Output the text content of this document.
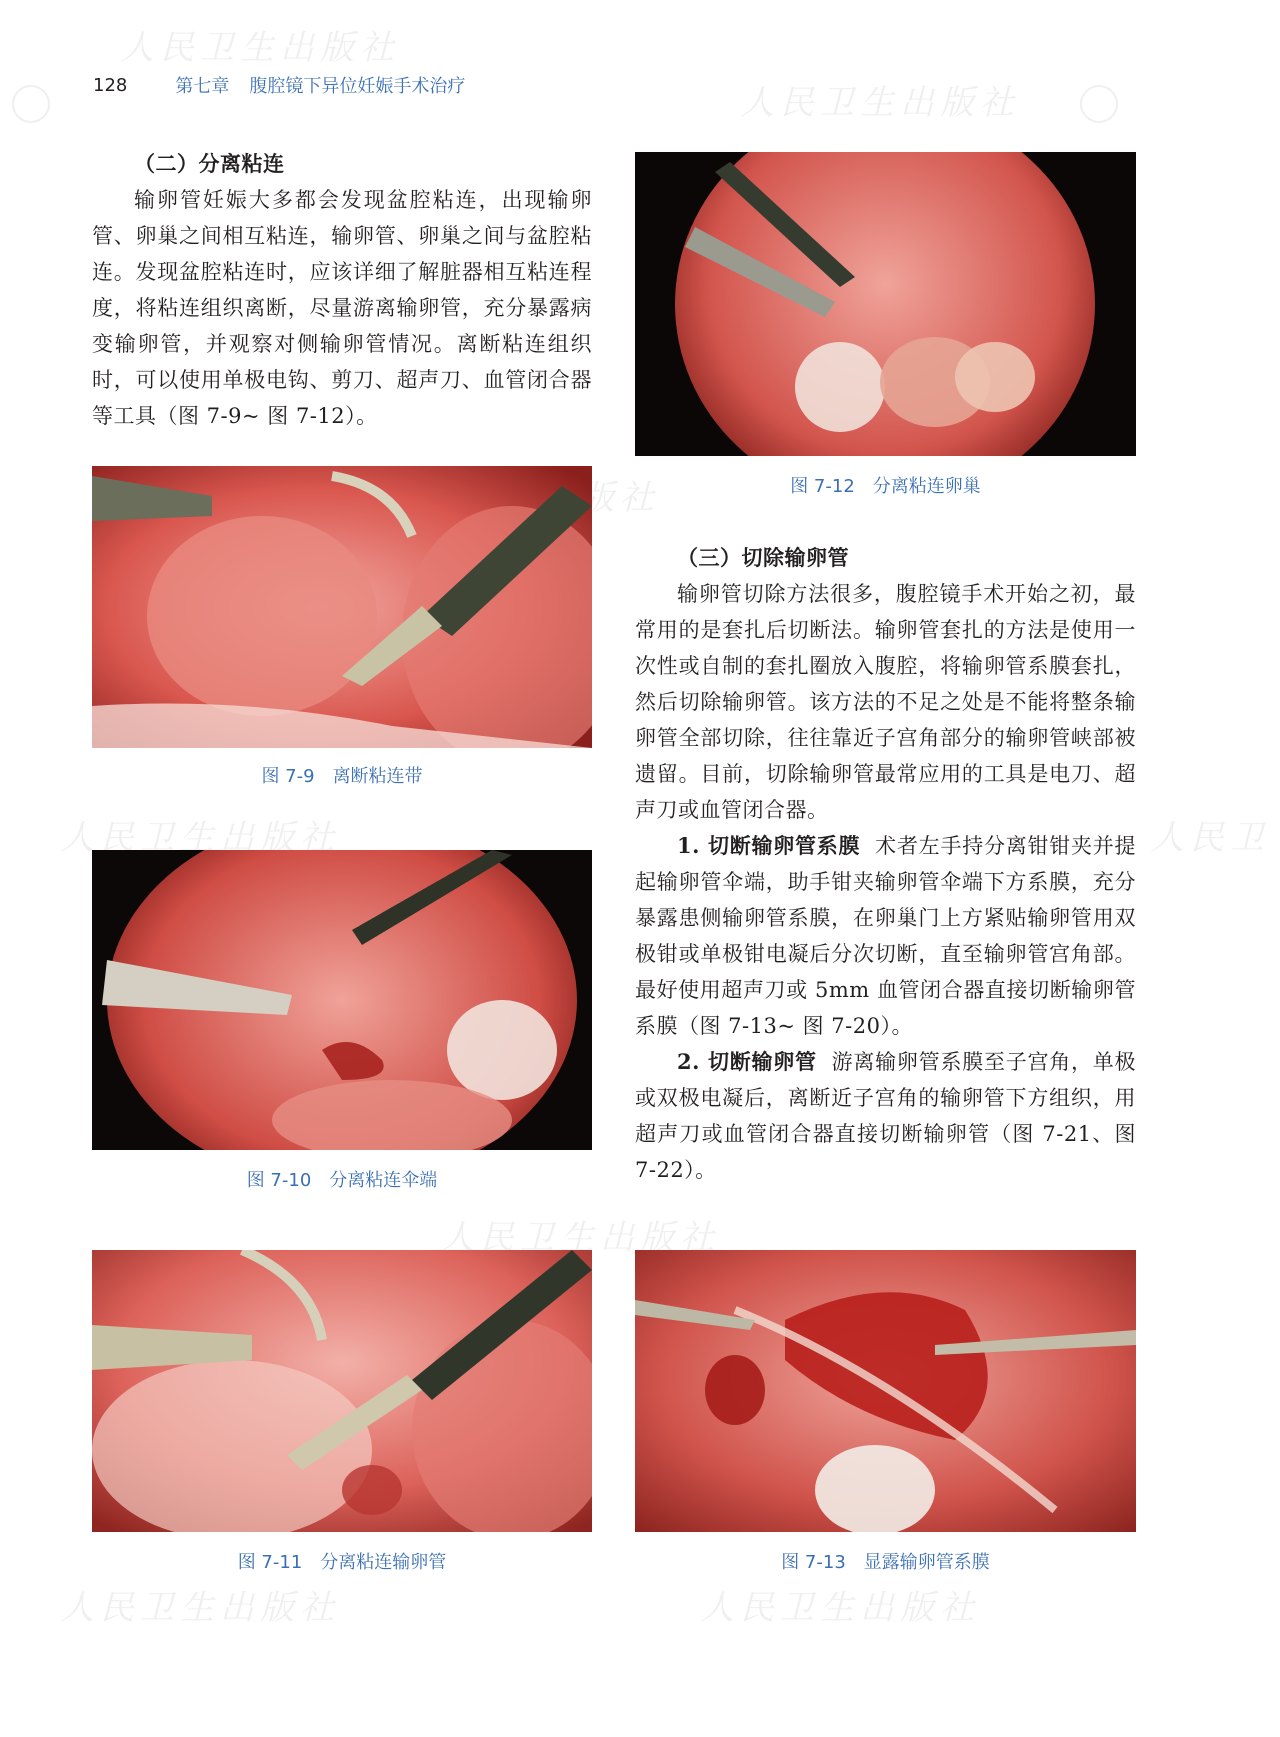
人民卫生出版社
人民卫生出版社
人民卫生出版社	人民卫
人民卫生出版社
人民卫生出版社	人民卫生出版社
128	第七章 腹腔镜下异位妊娠手术治疗
（二）分离粘连

输卵管妊娠大多都会发现盆腔粘连，出现输卵管、卵巢之间相互粘连，输卵管、卵巢之间与盆腔粘连。发现盆腔粘连时，应该详细了解脏器相互粘连程度，将粘连组织离断，尽量游离输卵管，充分暴露病变输卵管，并观察对侧输卵管情况。离断粘连组织时，可以使用单极电钩、剪刀、超声刀、血管闭合器等工具（图 7-9~ 图 7-12）。

图 7-9 离断粘连带
图 7-10 分离粘连伞端
图 7-11 分离粘连输卵管
图 7-12 分离粘连卵巢
（三）切除输卵管

输卵管切除方法很多，腹腔镜手术开始之初，最常用的是套扎后切断法。输卵管套扎的方法是使用一次性或自制的套扎圈放入腹腔，将输卵管系膜套扎，然后切除输卵管。该方法的不足之处是不能将整条输卵管全部切除，往往靠近子宫角部分的输卵管峡部被遗留。目前，切除输卵管最常应用的工具是电刀、超声刀或血管闭合器。

1. 切断输卵管系膜 术者左手持分离钳钳夹并提起输卵管伞端，助手钳夹输卵管伞端下方系膜，充分暴露患侧输卵管系膜，在卵巢门上方紧贴输卵管用双极钳或单极钳电凝后分次切断，直至输卵管宫角部。最好使用超声刀或 5mm 血管闭合器直接切断输卵管系膜（图 7-13~ 图 7-20）。

2. 切断输卵管 游离输卵管系膜至子宫角，单极或双极电凝后，离断近子宫角的输卵管下方组织，用超声刀或血管闭合器直接切断输卵管（图 7-21、图 7-22）。

图 7-13 显露输卵管系膜
